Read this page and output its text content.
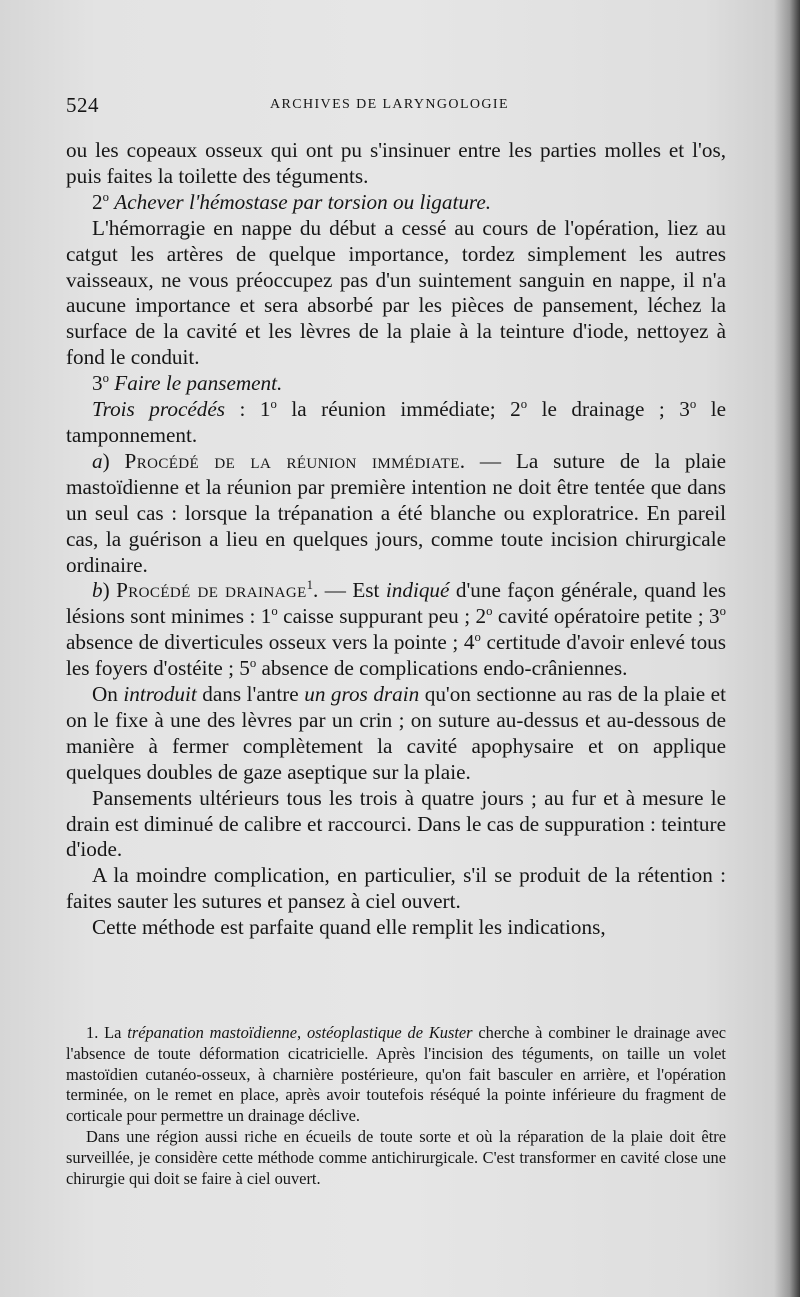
524	ARCHIVES DE LARYNGOLOGIE

ou les copeaux osseux qui ont pu s'insinuer entre les parties molles et l'os, puis faites la toilette des téguments.

2$^o$ Achever l'hémostase par torsion ou ligature.

L'hémorragie en nappe du début a cessé au cours de l'opération, liez au catgut les artères de quelque importance, tordez simplement les autres vaisseaux, ne vous préoccupez pas d'un suintement sanguin en nappe, il n'a aucune importance et sera absorbé par les pièces de pansement, léchez la surface de la cavité et les lèvres de la plaie à la teinture d'iode, nettoyez à fond le conduit.

3$^o$ Faire le pansement.

Trois procédés : 1$^o$ la réunion immédiate; 2$^o$ le drainage ; 3$^o$ le tamponnement.

a) Procédé de la réunion immédiate. — La suture de la plaie mastoïdienne et la réunion par première intention ne doit être tentée que dans un seul cas : lorsque la trépanation a été blanche ou exploratrice. En pareil cas, la guérison a lieu en quelques jours, comme toute incision chirurgicale ordinaire.

b) Procédé de drainage$^1$. — Est indiqué d'une façon générale, quand les lésions sont minimes : 1$^o$ caisse suppurant peu ; 2$^o$ cavité opératoire petite ; 3$^o$ absence de diverticules osseux vers la pointe ; 4$^o$ certitude d'avoir enlevé tous les foyers d'ostéite ; 5$^o$ absence de complications endo-crâniennes.

On introduit dans l'antre un gros drain qu'on sectionne au ras de la plaie et on le fixe à une des lèvres par un crin ; on suture au-dessus et au-dessous de manière à fermer complètement la cavité apophysaire et on applique quelques doubles de gaze aseptique sur la plaie.

Pansements ultérieurs tous les trois à quatre jours ; au fur et à mesure le drain est diminué de calibre et raccourci. Dans le cas de suppuration : teinture d'iode.

A la moindre complication, en particulier, s'il se produit de la rétention : faites sauter les sutures et pansez à ciel ouvert.

Cette méthode est parfaite quand elle remplit les indications,

1. La trépanation mastoïdienne, ostéoplastique de Kuster cherche à combiner le drainage avec l'absence de toute déformation cicatricielle. Après l'incision des téguments, on taille un volet mastoïdien cutanéo-osseux, à charnière postérieure, qu'on fait basculer en arrière, et l'opération terminée, on le remet en place, après avoir toutefois réséqué la pointe inférieure du fragment de corticale pour permettre un drainage déclive.

Dans une région aussi riche en écueils de toute sorte et où la réparation de la plaie doit être surveillée, je considère cette méthode comme antichirurgicale. C'est transformer en cavité close une chirurgie qui doit se faire à ciel ouvert.
